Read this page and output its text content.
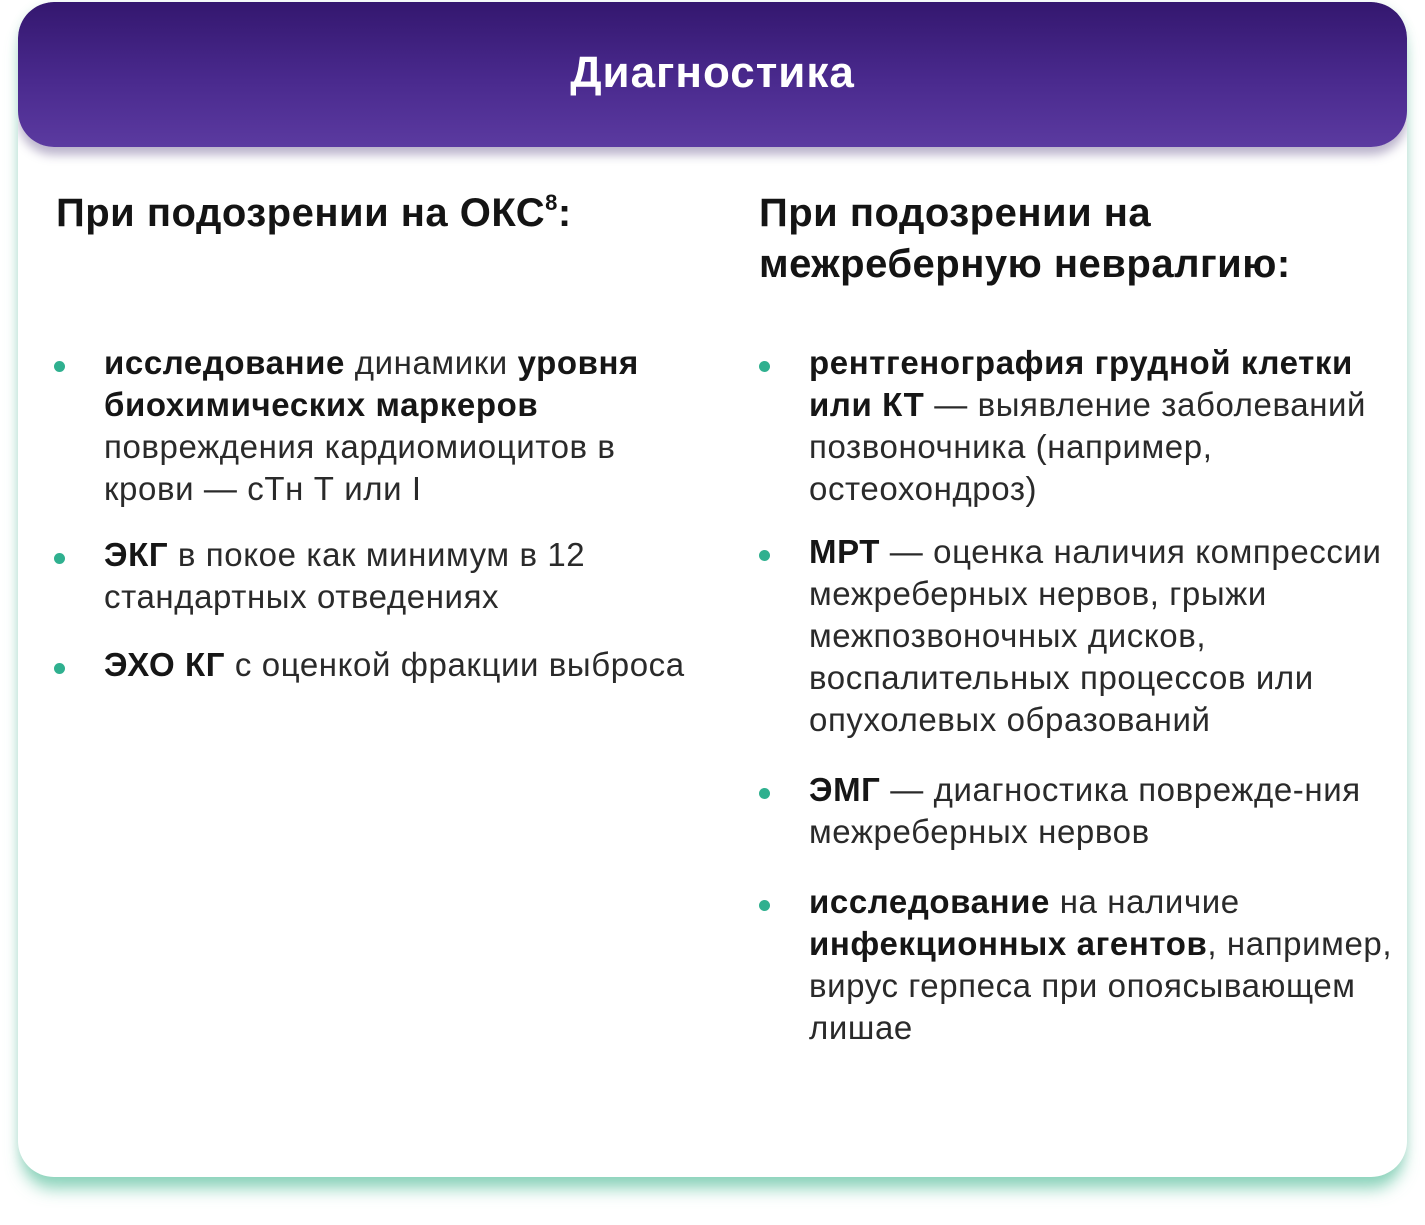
Диагностика
При подозрении на ОКС$^8$:	При подозрении на
межреберную невралгию:
исследование динамики уровня биохимических маркеров повреждения кардиомиоцитов в крови — сТн Т или I
ЭКГ в покое как минимум в 12 стандартных отведениях
ЭХО КГ с оценкой фракции выброса
рентгенография грудной клетки или КТ — выявление заболеваний позвоночника (например, остеохондроз)
МРТ — оценка наличия компрессии межреберных нервов, грыжи межпозвоночных дисков, воспалительных процессов или опухолевых образований
ЭМГ — диагностика поврежде-ния межреберных нервов
исследование на наличие инфекционных агентов, например, вирус герпеса при опоясывающем лишае
